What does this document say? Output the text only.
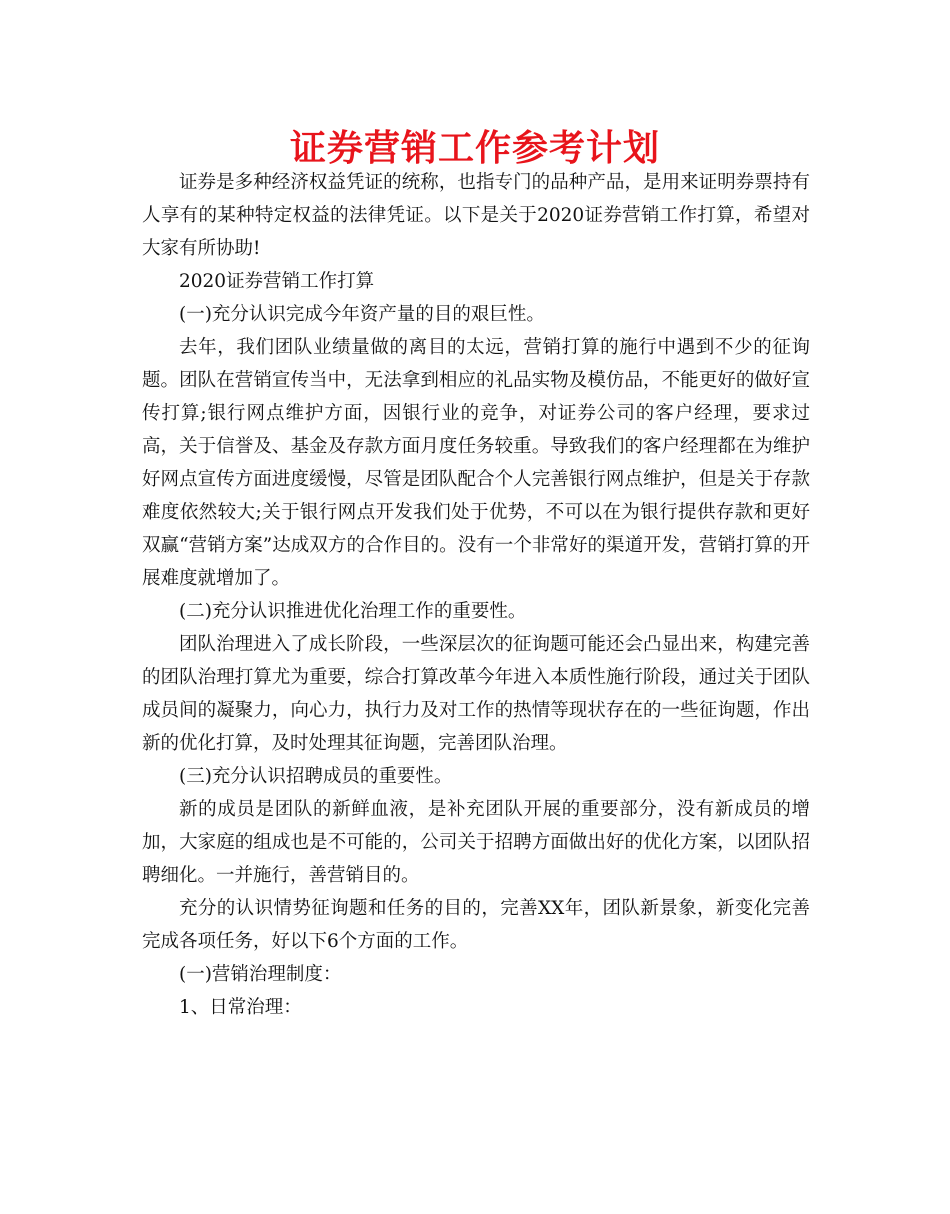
证券营销工作参考计划

证券是多种经济权益凭证的统称，也指专门的品种产品，是用来证明券票持有人享有的某种特定权益的法律凭证。以下是关于2020证券营销工作打算，希望对大家有所协助!

2020证券营销工作打算

(一)充分认识完成今年资产量的目的艰巨性。

去年，我们团队业绩量做的离目的太远，营销打算的施行中遇到不少的征询题。团队在营销宣传当中，无法拿到相应的礼品实物及模仿品，不能更好的做好宣传打算;银行网点维护方面，因银行业的竞争，对证券公司的客户经理，要求过高，关于信誉及、基金及存款方面月度任务较重。导致我们的客户经理都在为维护好网点宣传方面进度缓慢，尽管是团队配合个人完善银行网点维护，但是关于存款难度依然较大;关于银行网点开发我们处于优势，不可以在为银行提供存款和更好双赢“营销方案”达成双方的合作目的。没有一个非常好的渠道开发，营销打算的开展难度就增加了。

(二)充分认识推进优化治理工作的重要性。

团队治理进入了成长阶段，一些深层次的征询题可能还会凸显出来，构建完善的团队治理打算尤为重要，综合打算改革今年进入本质性施行阶段，通过关于团队成员间的凝聚力，向心力，执行力及对工作的热情等现状存在的一些征询题，作出新的优化打算，及时处理其征询题，完善团队治理。

(三)充分认识招聘成员的重要性。

新的成员是团队的新鲜血液，是补充团队开展的重要部分，没有新成员的增加，大家庭的组成也是不可能的，公司关于招聘方面做出好的优化方案，以团队招聘细化。一并施行，善营销目的。

充分的认识情势征询题和任务的目的，完善XX年，团队新景象，新变化完善完成各项任务，好以下6个方面的工作。

(一)营销治理制度：

1、日常治理：
